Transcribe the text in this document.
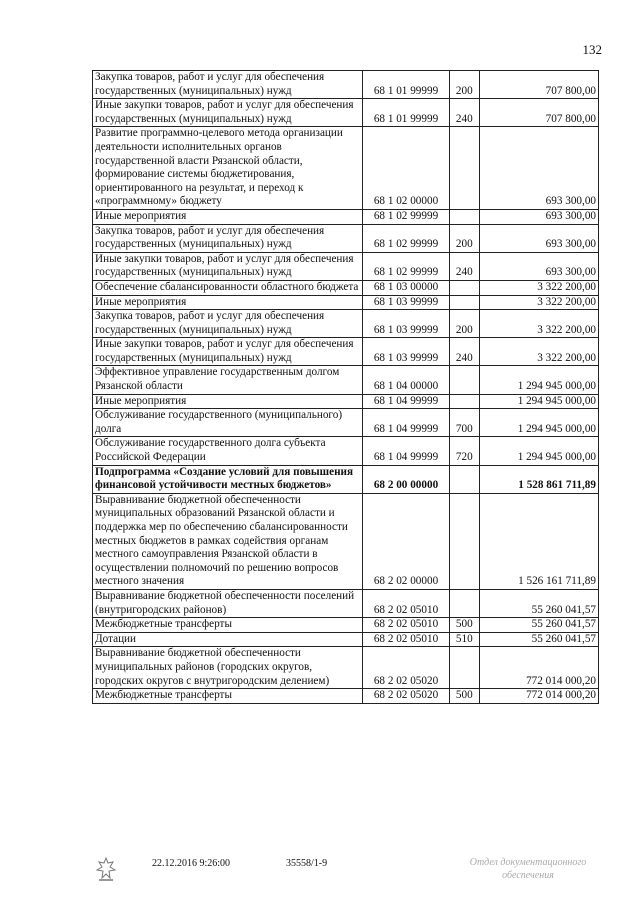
132
Закупка товаров, работ и услуг для обеспечения государственных (муниципальных) нужд	68 1 01 99999	200	707 800,00
Иные закупки товаров, работ и услуг для обеспечения государственных (муниципальных) нужд	68 1 01 99999	240	707 800,00
Развитие программно-целевого метода организации деятельности исполнительных органов государственной власти Рязанской области, формирование системы бюджетирования, ориентированного на результат, и переход к «программному» бюджету	68 1 02 00000		693 300,00
Иные мероприятия	68 1 02 99999		693 300,00
Закупка товаров, работ и услуг для обеспечения государственных (муниципальных) нужд	68 1 02 99999	200	693 300,00
Иные закупки товаров, работ и услуг для обеспечения государственных (муниципальных) нужд	68 1 02 99999	240	693 300,00
Обеспечение сбалансированности областного бюджета	68 1 03 00000		3 322 200,00
Иные мероприятия	68 1 03 99999		3 322 200,00
Закупка товаров, работ и услуг для обеспечения государственных (муниципальных) нужд	68 1 03 99999	200	3 322 200,00
Иные закупки товаров, работ и услуг для обеспечения государственных (муниципальных) нужд	68 1 03 99999	240	3 322 200,00
Эффективное управление государственным долгом Рязанской области	68 1 04 00000		1 294 945 000,00
Иные мероприятия	68 1 04 99999		1 294 945 000,00
Обслуживание государственного (муниципального) долга	68 1 04 99999	700	1 294 945 000,00
Обслуживание государственного долга субъекта Российской Федерации	68 1 04 99999	720	1 294 945 000,00
Подпрограмма «Создание условий для повышения финансовой устойчивости местных бюджетов»	68 2 00 00000		1 528 861 711,89
Выравнивание бюджетной обеспеченности муниципальных образований Рязанской области и поддержка мер по обеспечению сбалансированности местных бюджетов в рамках содействия органам местного самоуправления Рязанской области в осуществлении полномочий по решению вопросов местного значения	68 2 02 00000		1 526 161 711,89
Выравнивание бюджетной обеспеченности поселений (внутригородских районов)	68 2 02 05010		55 260 041,57
Межбюджетные трансферты	68 2 02 05010	500	55 260 041,57
Дотации	68 2 02 05010	510	55 260 041,57
Выравнивание бюджетной обеспеченности муниципальных районов (городских округов, городских округов с внутригородским делением)	68 2 02 05020		772 014 000,20
Межбюджетные трансферты	68 2 02 05020	500	772 014 000,20
22.12.2016 9:26:00	35558/1-9	Отдел документационного обеспечения
